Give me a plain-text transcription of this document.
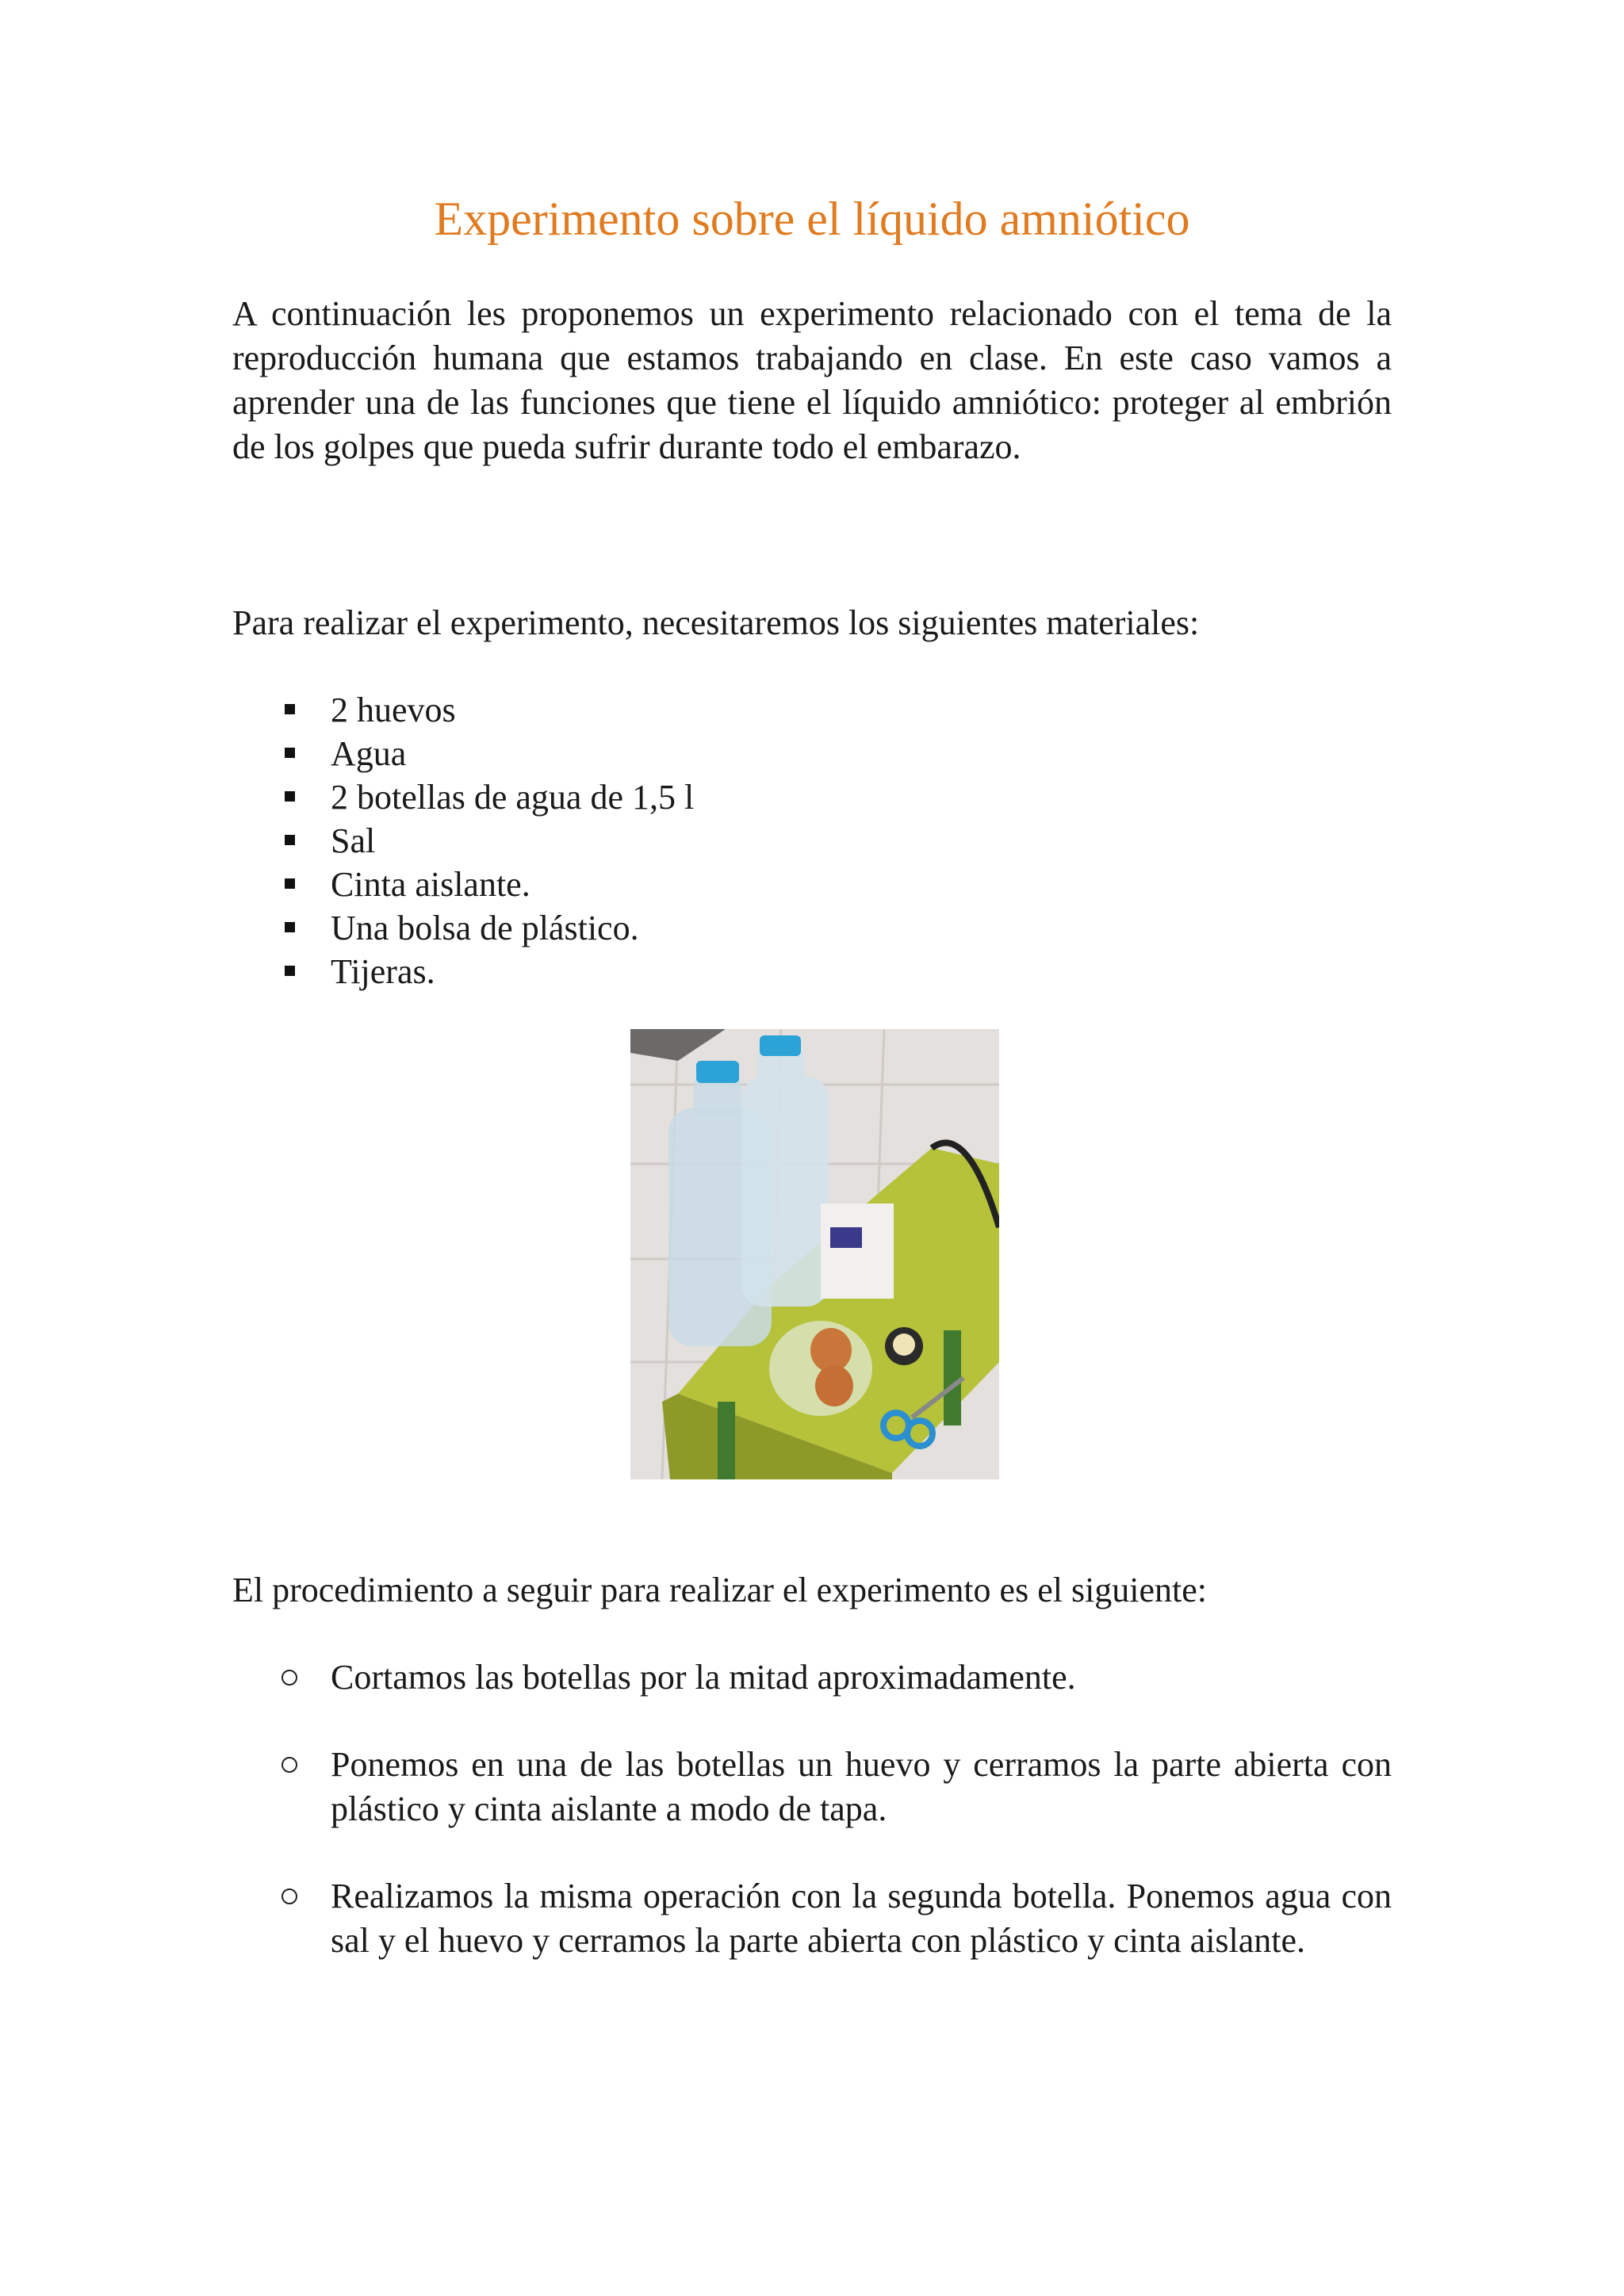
Experimento sobre el líquido amniótico

A continuación les proponemos un experimento relacionado con el tema de la reproducción humana que estamos trabajando en clase. En este caso vamos a aprender una de las funciones que tiene el líquido amniótico: proteger al embrión de los golpes que pueda sufrir durante todo el embarazo.

Para realizar el experimento, necesitaremos los siguientes materiales:

2 huevos
Agua
2 botellas de agua de 1,5 l
Sal
Cinta aislante.
Una bolsa de plástico.
Tijeras.

El procedimiento a seguir para realizar el experimento es el siguiente:

Cortamos las botellas por la mitad aproximadamente.
Ponemos en una de las botellas un huevo y cerramos la parte abierta con plástico y cinta aislante a modo de tapa.
Realizamos la misma operación con la segunda botella. Ponemos agua con sal y el huevo y cerramos la parte abierta con plástico y cinta aislante.
